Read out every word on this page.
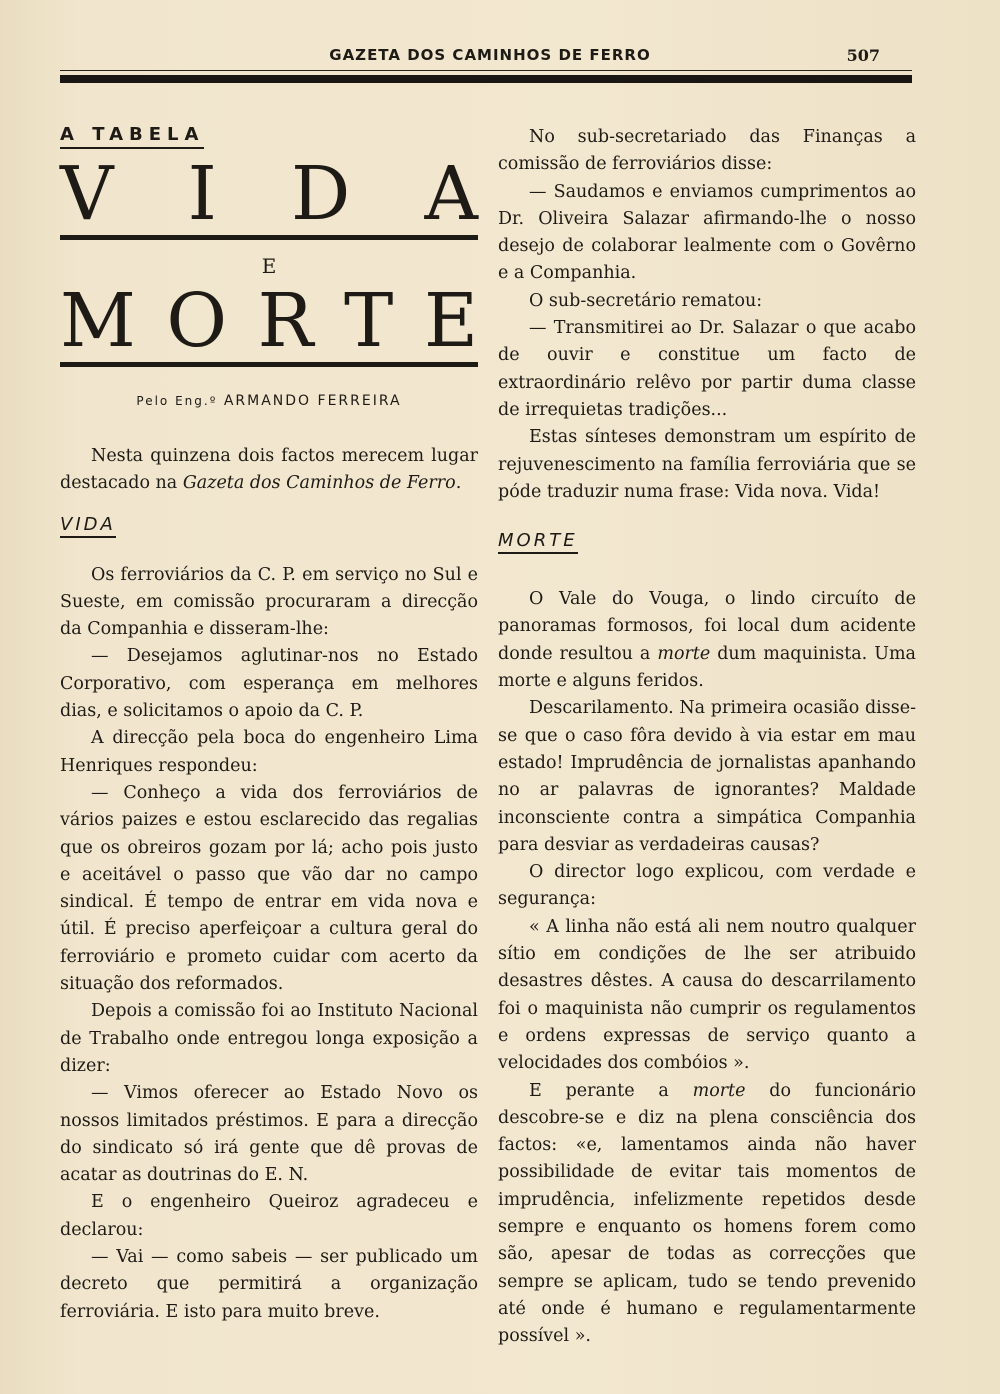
GAZETA DOS CAMINHOS DE FERRO	507
A TABELA
V I D A
E
M O R T E
Pelo Eng.º ARMANDO FERREIRA

Nesta quinzena dois factos merecem lugar destacado na Gazeta dos Caminhos de Ferro.

VIDA

Os ferroviários da C. P. em serviço no Sul e Sueste, em comissão procuraram a direcção da Companhia e disseram-lhe:

— Desejamos aglutinar-nos no Estado Corporativo, com esperança em melhores dias, e solicitamos o apoio da C. P.

A direcção pela boca do engenheiro Lima Henriques respondeu:

— Conheço a vida dos ferroviários de vários paizes e estou esclarecido das regalias que os obreiros gozam por lá; acho pois justo e aceitável o passo que vão dar no campo sindical. É tempo de entrar em vida nova e útil. É preciso aperfeiçoar a cultura geral do ferroviário e prometo cuidar com acerto da situação dos reformados.

Depois a comissão foi ao Instituto Nacional de Trabalho onde entregou longa exposição a dizer:

— Vimos oferecer ao Estado Novo os nossos limitados préstimos. E para a direcção do sindicato só irá gente que dê provas de acatar as doutrinas do E. N.

E o engenheiro Queiroz agradeceu e declarou:

— Vai — como sabeis — ser publicado um decreto que permitirá a organização ferroviária. E isto para muito breve.

No sub-secretariado das Finanças a comissão de ferroviários disse:

— Saudamos e enviamos cumprimentos ao Dr. Oliveira Salazar afirmando-lhe o nosso desejo de colaborar lealmente com o Govêrno e a Companhia.

O sub-secretário rematou:

— Transmitirei ao Dr. Salazar o que acabo de ouvir e constitue um facto de extraordinário relêvo por partir duma classe de irrequietas tradições...

Estas sínteses demonstram um espírito de rejuvenescimento na família ferroviária que se póde traduzir numa frase: Vida nova. Vida!

MORTE

O Vale do Vouga, o lindo circuíto de panoramas formosos, foi local dum acidente donde resultou a morte dum maquinista. Uma morte e alguns feridos.

Descarilamento. Na primeira ocasião disse-se que o caso fôra devido à via estar em mau estado! Imprudência de jornalistas apanhando no ar palavras de ignorantes? Maldade inconsciente contra a simpática Companhia para desviar as verdadeiras causas?

O director logo explicou, com verdade e segurança:

« A linha não está ali nem noutro qualquer sítio em condições de lhe ser atribuido desastres dêstes. A causa do descarrilamento foi o maquinista não cumprir os regulamentos e ordens expressas de serviço quanto a velocidades dos combóios ».

E perante a morte do funcionário descobre-se e diz na plena consciência dos factos: «e, lamentamos ainda não haver possibilidade de evitar tais momentos de imprudência, infelizmente repetidos desde sempre e enquanto os homens forem como são, apesar de todas as correcções que sempre se aplicam, tudo se tendo prevenido até onde é humano e regulamentarmente possível ».
